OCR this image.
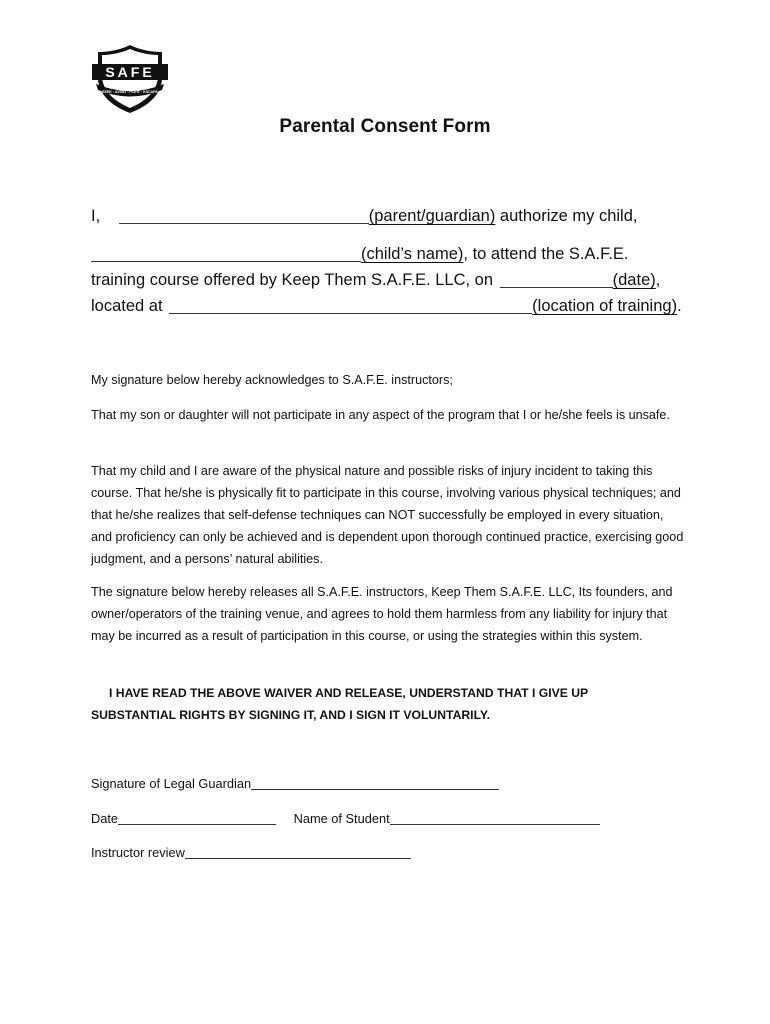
SAFE
SEEK · AVOID · FIGHT · ESCAPE
Parental Consent Form
I,	(parent/guardian) authorize my child,
(child’s name), to attend the S.A.F.E.
training course offered by Keep Them S.A.F.E. LLC, on	(date),
located at	(location of training).

My signature below hereby acknowledges to S.A.F.E. instructors;

That my son or daughter will not participate in any aspect of the program that I or he/she feels is unsafe.

That my child and I are aware of the physical nature and possible risks of injury incident to taking this course. That he/she is physically fit to participate in this course, involving various physical techniques; and that he/she realizes that self-defense techniques can NOT successfully be employed in every situation, and proficiency can only be achieved and is dependent upon thorough continued practice, exercising good judgment, and a persons’ natural abilities.

The signature below hereby releases all S.A.F.E. instructors, Keep Them S.A.F.E. LLC, Its founders, and owner/operators of the training venue, and agrees to hold them harmless from any liability for injury that may be incurred as a result of participation in this course, or using the strategies within this system.

I HAVE READ THE ABOVE WAIVER AND RELEASE, UNDERSTAND THAT I GIVE UP
SUBSTANTIAL RIGHTS BY SIGNING IT, AND I SIGN IT VOLUNTARILY.
Signature of Legal Guardian
Date	Name of Student
Instructor review
